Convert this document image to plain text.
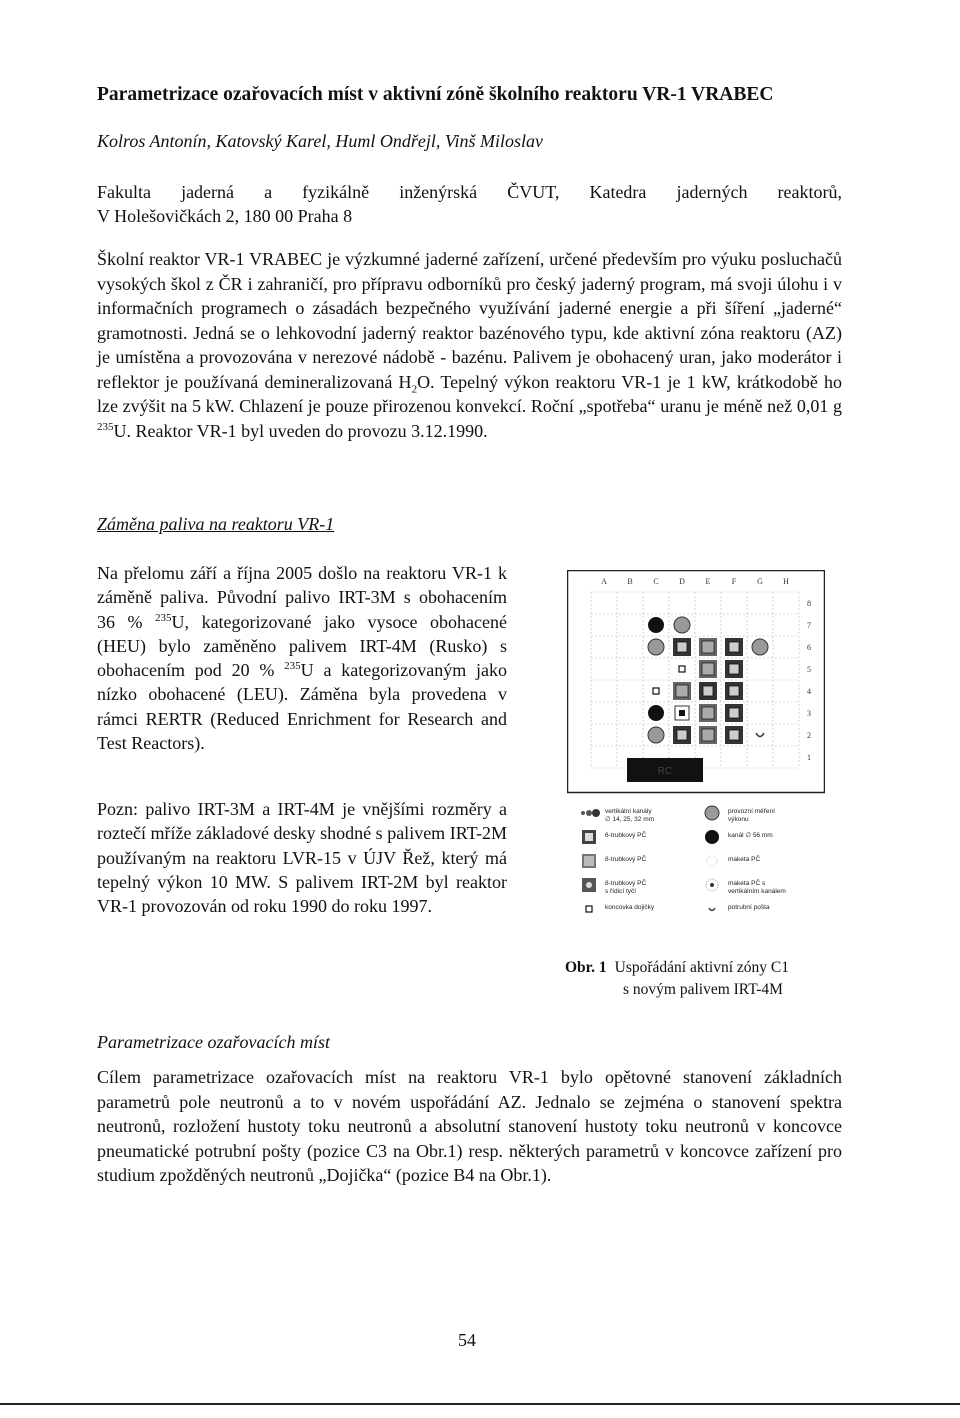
Parametrizace ozařovacích míst v aktivní zóně školního reaktoru VR-1 VRABEC
Kolros Antonín, Katovský Karel, Huml Ondřejl, Vinš Miloslav
Fakulta jaderná a fyzikálně inženýrská ČVUT, Katedra jaderných reaktorů,
V Holešovičkách 2, 180 00 Praha 8
Školní reaktor VR-1 VRABEC je výzkumné jaderné zařízení, určené především pro výuku posluchačů vysokých škol z ČR i zahraničí, pro přípravu odborníků pro český jaderný program, má svoji úlohu i v informačních programech o zásadách bezpečného využívání jaderné energie a při šíření „jaderné“ gramotnosti. Jedná se o lehkovodní jaderný reaktor bazénového typu, kde aktivní zóna reaktoru (AZ) je umístěna a provozována v nerezové nádobě - bazénu. Palivem je obohacený uran, jako moderátor i reflektor je používaná demineralizovaná $H_2O$. Tepelný výkon reaktoru VR-1 je 1 kW, krátkodobě ho lze zvýšit na 5 kW. Chlazení je pouze přirozenou konvekcí. Roční „spotřeba“ uranu je méně než 0,01 g $^{235}$U. Reaktor VR-1 byl uveden do provozu 3.12.1990.
Záměna paliva na reaktoru VR-1
Na přelomu září a října 2005 došlo na reaktoru VR-1 k záměně paliva. Původní palivo IRT-3M s obohacením 36 % $^{235}$U, kategorizované jako vysoce obohacené (HEU) bylo zaměněno palivem IRT-4M (Rusko) s obohacením pod 20 % $^{235}$U a kategorizovaným jako nízko obohacené (LEU). Záměna byla provedena v rámci RERTR (Reduced Enrichment for Research and Test Reactors).
Pozn: palivo IRT-3M a IRT-4M je vnějšími rozměry a roztečí mříže základové desky shodné s palivem IRT-2M používaným na reaktoru LVR-15 v ÚJV Řež, který má tepelný výkon 10 MW. S palivem IRT-2M byl reaktor VR-1 provozován od roku 1990 do roku 1997.
A	B	C	D	E	F	G	H
8
7
6
5
4
3
2
1
RC
vertikální kanály
∅ 14, 25, 32 mm
6-trubkový PČ
8-trubkový PČ
8-trubkový PČ
s řídicí tyčí
koncovka dojičky
provozní měření
výkonu
kanál ∅ 56 mm
maketa PČ
maketa PČ s
vertikálním kanálem
potrubní pošta
Obr. 1 Uspořádání aktivní zóny C1
s novým palivem IRT-4M
Parametrizace ozařovacích míst
Cílem parametrizace ozařovacích míst na reaktoru VR-1 bylo opětovné stanovení základních parametrů pole neutronů a to v novém uspořádání AZ. Jednalo se zejména o stanovení spektra neutronů, rozložení hustoty toku neutronů a absolutní stanovení hustoty toku neutronů v koncovce pneumatické potrubní pošty (pozice C3 na Obr.1) resp. některých parametrů v koncovce zařízení pro studium zpožděných neutronů „Dojička“ (pozice B4 na Obr.1).
54
